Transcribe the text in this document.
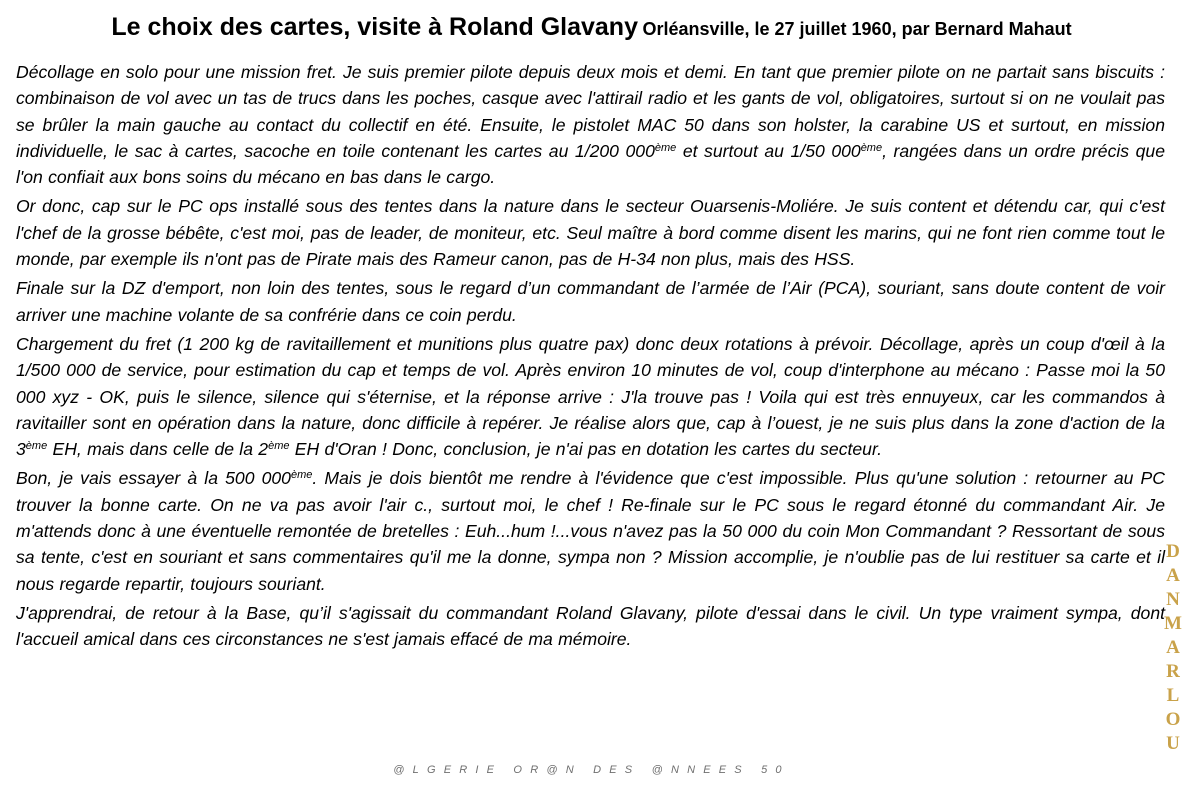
Le choix des cartes, visite à Roland Glavany Orléansville, le 27 juillet 1960, par Bernard Mahaut

Décollage en solo pour une mission fret. Je suis premier pilote depuis deux mois et demi. En tant que premier pilote on ne partait sans biscuits : combinaison de vol avec un tas de trucs dans les poches, casque avec l'attirail radio et les gants de vol, obligatoires, surtout si on ne voulait pas se brûler la main gauche au contact du collectif en été. Ensuite, le pistolet MAC 50 dans son holster, la carabine US et surtout, en mission individuelle, le sac à cartes, sacoche en toile contenant les cartes au 1/200 000ème et surtout au 1/50 000ème, rangées dans un ordre précis que l'on confiait aux bons soins du mécano en bas dans le cargo.

Or donc, cap sur le PC ops installé sous des tentes dans la nature dans le secteur Ouarsenis-Moliére. Je suis content et détendu car, qui c'est l'chef de la grosse bébête, c'est moi, pas de leader, de moniteur, etc. Seul maître à bord comme disent les marins, qui ne font rien comme tout le monde, par exemple ils n'ont pas de Pirate mais des Rameur canon, pas de H-34 non plus, mais des HSS.

Finale sur la DZ d'emport, non loin des tentes, sous le regard d’un commandant de l’armée de l’Air (PCA), souriant, sans doute content de voir arriver une machine volante de sa confrérie dans ce coin perdu.

Chargement du fret (1 200 kg de ravitaillement et munitions plus quatre pax) donc deux rotations à prévoir. Décollage, après un coup d'œil à la 1/500 000 de service, pour estimation du cap et temps de vol. Après environ 10 minutes de vol, coup d'interphone au mécano : Passe moi la 50 000 xyz - OK, puis le silence, silence qui s'éternise, et la réponse arrive : J'la trouve pas ! Voila qui est très ennuyeux, car les commandos à ravitailler sont en opération dans la nature, donc difficile à repérer. Je réalise alors que, cap à l’ouest, je ne suis plus dans la zone d'action de la 3ème EH, mais dans celle de la 2ème EH d'Oran ! Donc, conclusion, je n'ai pas en dotation les cartes du secteur.

Bon, je vais essayer à la 500 000ème. Mais je dois bientôt me rendre à l'évidence que c'est impossible. Plus qu'une solution : retourner au PC trouver la bonne carte. On ne va pas avoir l'air c., surtout moi, le chef ! Re-finale sur le PC sous le regard étonné du commandant Air. Je m'attends donc à une éventuelle remontée de bretelles : Euh...hum !...vous n'avez pas la 50 000 du coin Mon Commandant ? Ressortant de sous sa tente, c'est en souriant et sans commentaires qu'il me la donne, sympa non ? Mission accomplie, je n'oublie pas de lui restituer sa carte et il nous regarde repartir, toujours souriant.

J'apprendrai, de retour à la Base, qu’il s'agissait du commandant Roland Glavany, pilote d'essai dans le civil. Un type vraiment sympa, dont l'accueil amical dans ces circonstances ne s'est jamais effacé de ma mémoire.

D
A
N
M
A
R
L
O
U
@LGERIE OR@N DES @NNEES 50
